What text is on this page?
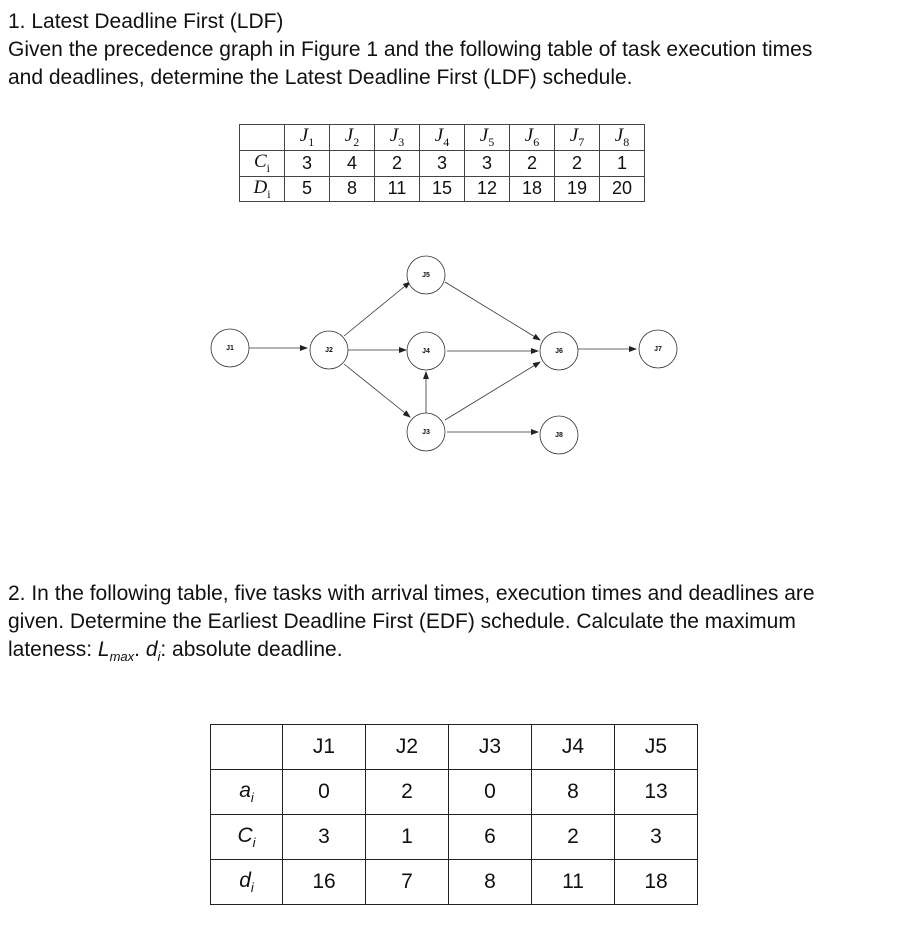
1. Latest Deadline First (LDF)
Given the precedence graph in Figure 1 and the following table of task execution times
and deadlines, determine the Latest Deadline First (LDF) schedule.
	$J_1$	$J_2$	$J_3$	$J_4$	$J_5$	$J_6$	$J_7$	$J_8$
$C_i$	3	4	2	3	3	2	2	1
$D_i$	5	8	11	15	12	18	19	20
J1	J2
J3
J4
J5
J6	J7
J8
2. In the following table, five tasks with arrival times, execution times and deadlines are
given. Determine the Earliest Deadline First (EDF) schedule. Calculate the maximum
lateness: $L_{max}$. $d_i$: absolute deadline.
	J1	J2	J3	J4	J5
$a_i$	0	2	0	8	13
$C_i$	3	1	6	2	3
$d_i$	16	7	8	11	18
